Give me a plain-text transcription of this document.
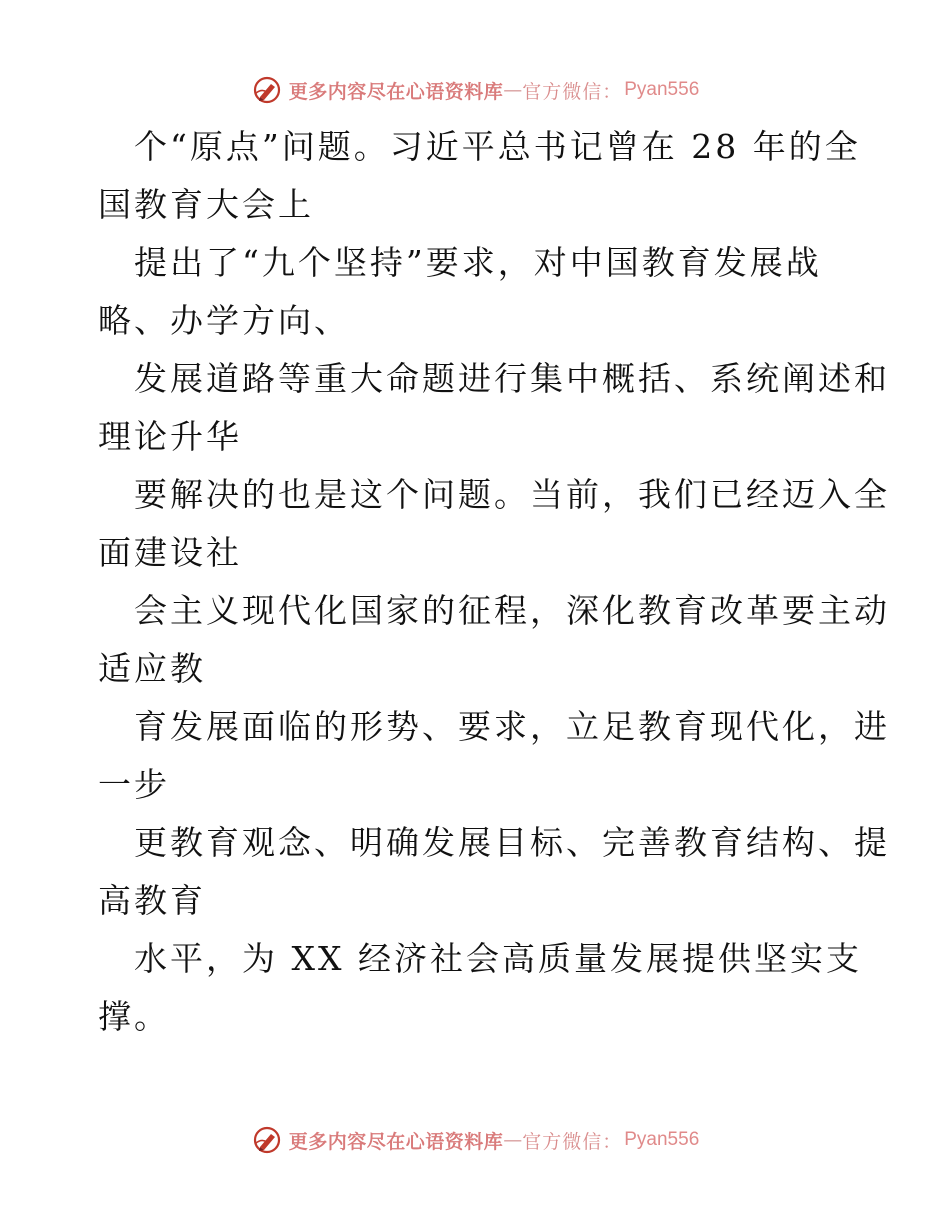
更多内容尽在心语资料库 — 官方微信： Pyan556
个“原点”问题。习近平总书记曾在 28 年的全
国教育大会上
提出了“九个坚持”要求，对中国教育发展战
略、办学方向、
发展道路等重大命题进行集中概括、系统阐述和
理论升华
要解决的也是这个问题。当前，我们已经迈入全
面建设社
会主义现代化国家的征程，深化教育改革要主动
适应教
育发展面临的形势、要求，立足教育现代化，进
一步
更教育观念、明确发展目标、完善教育结构、提
高教育
水平，为 XX 经济社会高质量发展提供坚实支
撑。
更多内容尽在心语资料库 — 官方微信： Pyan556
